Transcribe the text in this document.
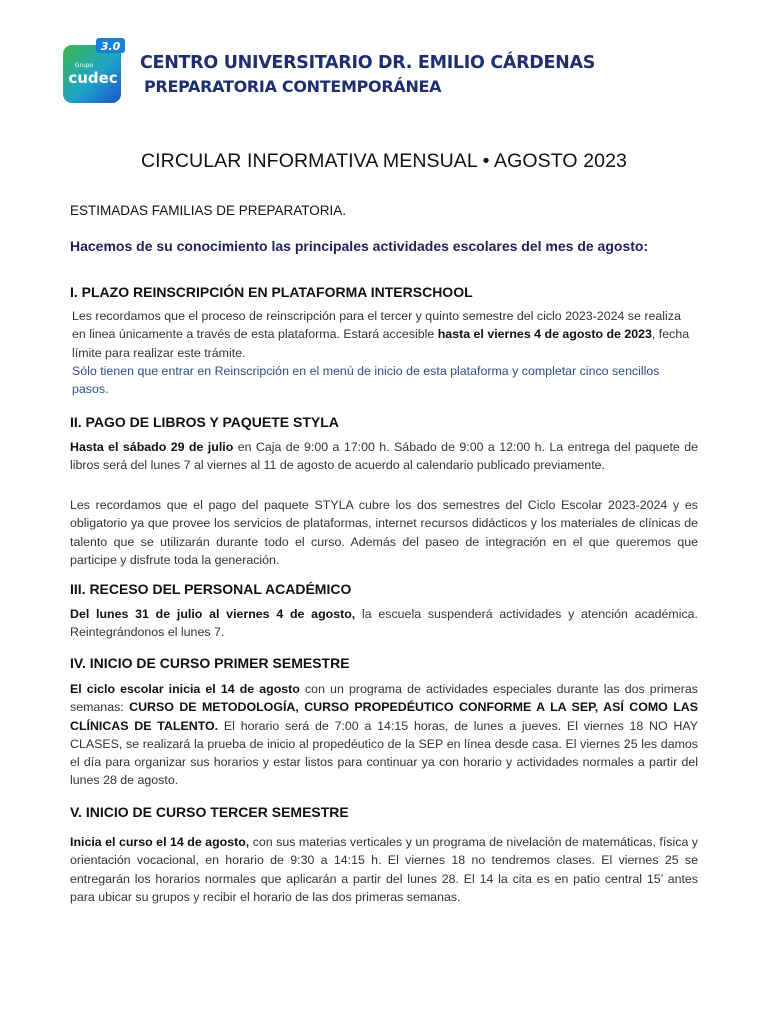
3.0
Grupo
cudec
CENTRO UNIVERSITARIO DR. EMILIO CÁRDENAS
PREPARATORIA CONTEMPORÁNEA
CIRCULAR INFORMATIVA MENSUAL • AGOSTO 2023
ESTIMADAS FAMILIAS DE PREPARATORIA.
Hacemos de su conocimiento las principales actividades escolares del mes de agosto:
I. PLAZO REINSCRIPCIÓN EN PLATAFORMA INTERSCHOOL

Les recordamos que el proceso de reinscripción para el tercer y quinto semestre del ciclo 2023-2024 se realiza en linea únicamente a través de esta plataforma. Estará accesible hasta el viernes 4 de agosto de 2023, fecha límite para realizar este trámite.
Sólo tienen que entrar en Reinscripción en el menú de inicio de esta plataforma y completar cinco sencillos pasos.

II. PAGO DE LIBROS Y PAQUETE STYLA

Hasta el sábado 29 de julio en Caja de 9:00 a 17:00 h. Sábado de 9:00 a 12:00 h. La entrega del paquete de libros será del lunes 7 al viernes al 11 de agosto de acuerdo al calendario publicado previamente.

Les recordamos que el pago del paquete STYLA cubre los dos semestres del Ciclo Escolar 2023-2024 y es obligatorio ya que provee los servicios de plataformas, internet recursos didácticos y los materiales de clínicas de talento que se utilizarán durante todo el curso. Además del paseo de integración en el que queremos que participe y disfrute toda la generación.

III. RECESO DEL PERSONAL ACADÉMICO

Del lunes 31 de julio al viernes 4 de agosto, la escuela suspenderá actividades y atención académica. Reintegrándonos el lunes 7.

IV. INICIO DE CURSO PRIMER SEMESTRE

El ciclo escolar inicia el 14 de agosto con un programa de actividades especiales durante las dos primeras semanas: CURSO DE METODOLOGÍA, CURSO PROPEDÉUTICO CONFORME A LA SEP, ASÍ COMO LAS CLÍNICAS DE TALENTO. El horario será de 7:00 a 14:15 horas, de lunes a jueves. El viernes 18 NO HAY CLASES, se realizará la prueba de inicio al propedéutico de la SEP en línea desde casa. El viernes 25 les damos el día para organizar sus horarios y estar listos para continuar ya con horario y actividades normales a partir del lunes 28 de agosto.

V. INICIO DE CURSO TERCER SEMESTRE

Inicia el curso el 14 de agosto, con sus materias verticales y un programa de nivelación de matemáticas, física y orientación vocacional, en horario de 9:30 a 14:15 h. El viernes 18 no tendremos clases. El viernes 25 se entregarán los horarios normales que aplicarán a partir del lunes 28. El 14 la cita es en patio central 15’ antes para ubicar su grupos y recibir el horario de las dos primeras semanas.
